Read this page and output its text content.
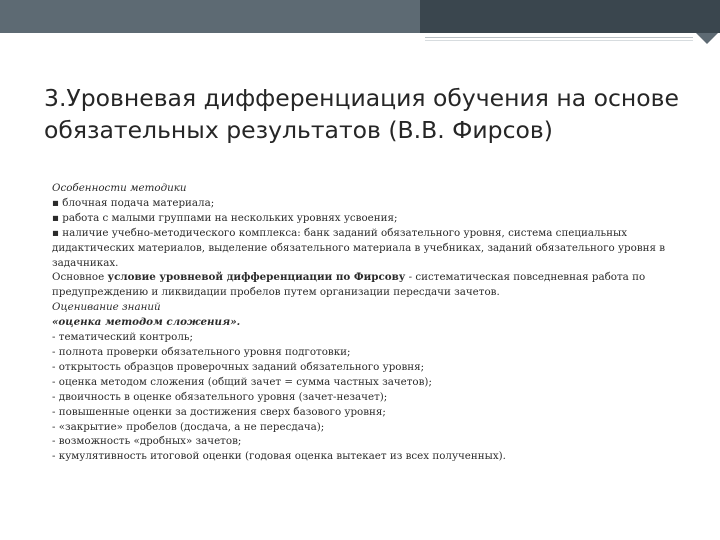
3.Уровневая дифференциация обучения на основе обязательных результатов (В.В. Фирсов)

Особенности методики

▪ блочная подача материала;

▪ работа с малыми группами на нескольких уровнях усвоения;

▪ наличие учебно-методического комплекса: банк заданий обязательного уровня, система специальных дидактических материалов, выделение обязательного материала в учебниках, заданий обязательного уровня в задачниках.

Основное условие уровневой дифференциации по Фирсову - систематическая повседневная работа по предупреждению и ликвидации пробелов путем организации пересдачи зачетов.

Оценивание знаний

«оценка методом сложения».

- тематический контроль;

- полнота проверки обязательного уровня подготовки;

- открытость образцов проверочных заданий обязательного уровня;

- оценка методом сложения (общий зачет = сумма частных зачетов);

- двоичность в оценке обязательного уровня (зачет-незачет);

- повышенные оценки за достижения сверх базового уровня;

- «закрытие» пробелов (досдача, а не пересдача);

- возможность «дробных» зачетов;

- кумулятивность итоговой оценки (годовая оценка вытекает из всех полученных).
